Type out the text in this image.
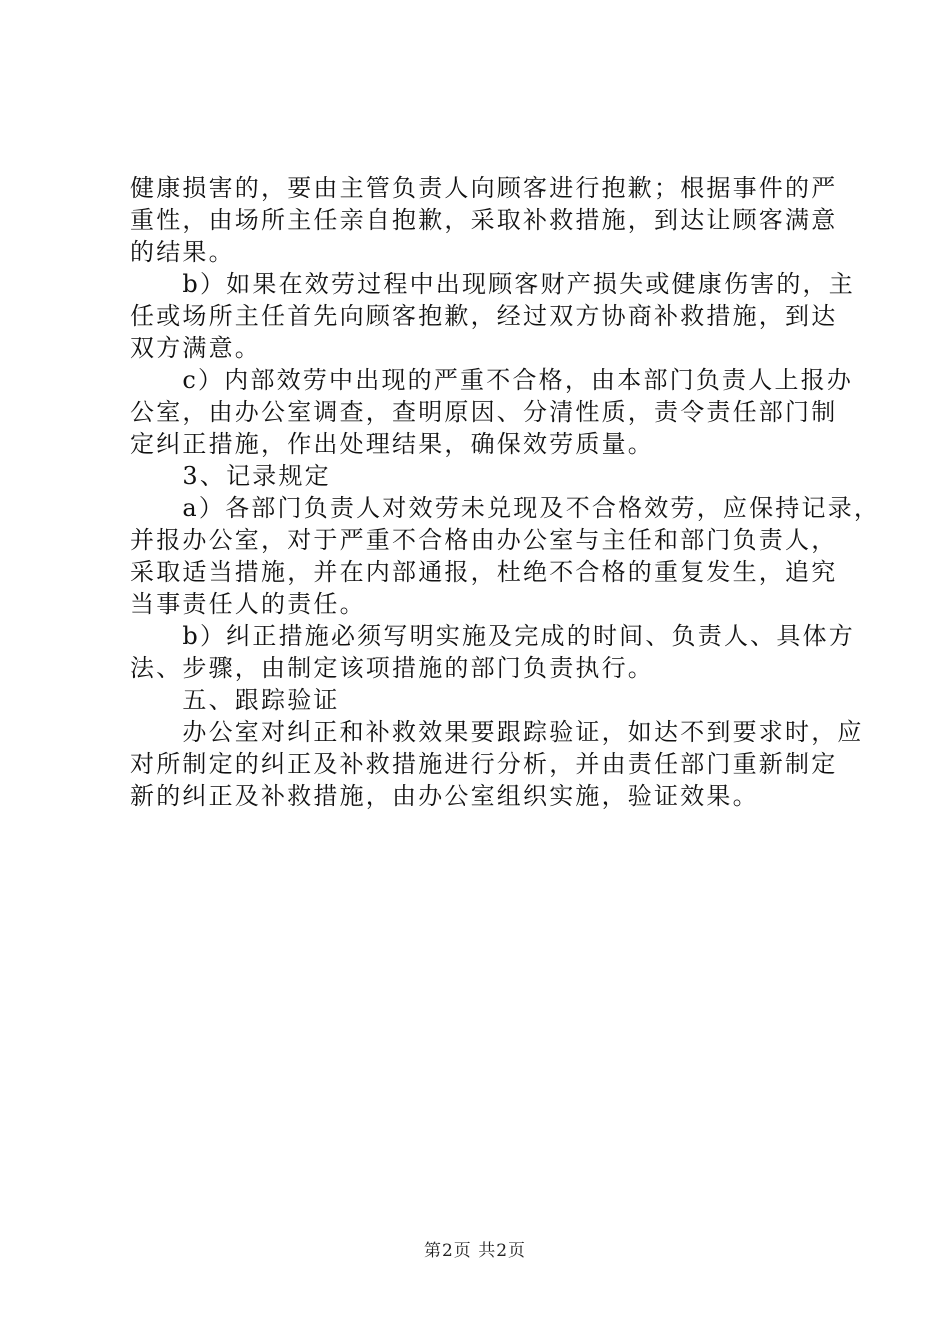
健康损害的，要由主管负责人向顾客进行抱歉；根据事件的严
重性，由场所主任亲自抱歉，采取补救措施，到达让顾客满意
的结果。
　　b）如果在效劳过程中出现顾客财产损失或健康伤害的，主
任或场所主任首先向顾客抱歉，经过双方协商补救措施，到达
双方满意。
　　c）内部效劳中出现的严重不合格，由本部门负责人上报办
公室，由办公室调查，查明原因、分清性质，责令责任部门制
定纠正措施，作出处理结果，确保效劳质量。
　　3、记录规定
　　a）各部门负责人对效劳未兑现及不合格效劳，应保持记录，
并报办公室，对于严重不合格由办公室与主任和部门负责人，
采取适当措施，并在内部通报，杜绝不合格的重复发生，追究
当事责任人的责任。
　　b）纠正措施必须写明实施及完成的时间、负责人、具体方
法、步骤，由制定该项措施的部门负责执行。
　　五、跟踪验证
　　办公室对纠正和补救效果要跟踪验证，如达不到要求时，应
对所制定的纠正及补救措施进行分析，并由责任部门重新制定
新的纠正及补救措施，由办公室组织实施，验证效果。
第2页 共2页
